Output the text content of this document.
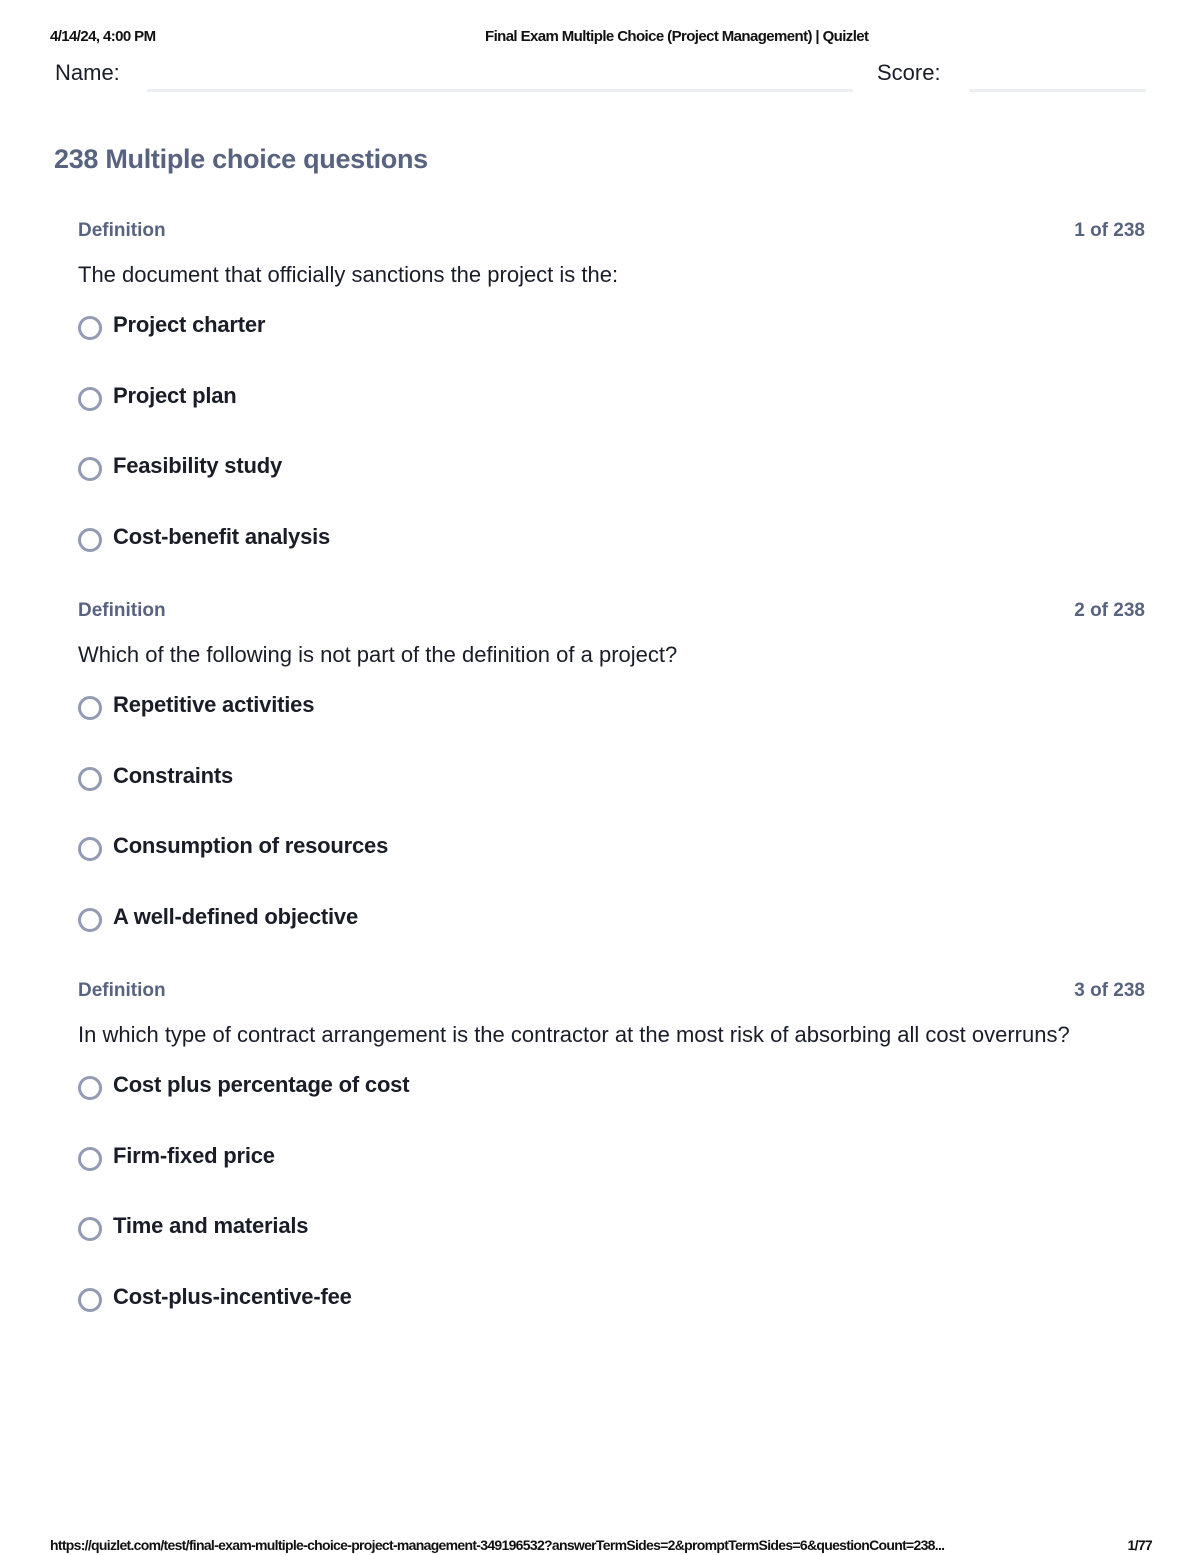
4/14/24, 4:00 PM	Final Exam Multiple Choice (Project Management) | Quizlet
Name:	Score:
238 Multiple choice questions
Definition	1 of 238
The document that officially sanctions the project is the:
Project charter
Project plan
Feasibility study
Cost-benefit analysis
Definition	2 of 238
Which of the following is not part of the definition of a project?
Repetitive activities
Constraints
Consumption of resources
A well-defined objective
Definition	3 of 238
In which type of contract arrangement is the contractor at the most risk of absorbing all cost overruns?
Cost plus percentage of cost
Firm-fixed price
Time and materials
Cost-plus-incentive-fee
https://quizlet.com/test/final-exam-multiple-choice-project-management-349196532?answerTermSides=2&promptTermSides=6&questionCount=238...	1/77
